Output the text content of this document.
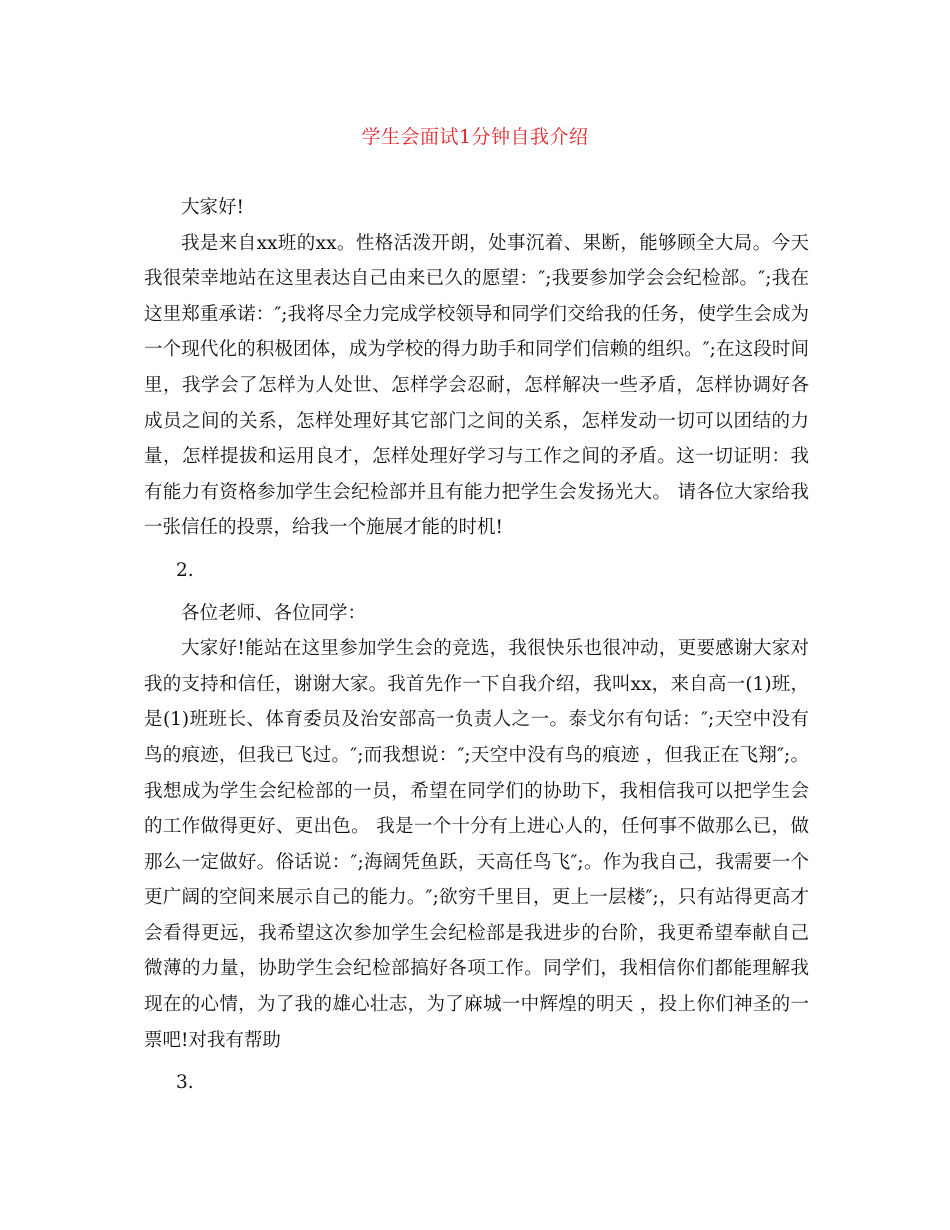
学生会面试1分钟自我介绍

大家好!

我是来自xx班的xx。性格活泼开朗，处事沉着、果断，能够顾全大局。今天我很荣幸地站在这里表达自己由来已久的愿望：″;我要参加学会会纪检部。″;我在这里郑重承诺：″;我将尽全力完成学校领导和同学们交给我的任务，使学生会成为一个现代化的积极团体，成为学校的得力助手和同学们信赖的组织。″;在这段时间里，我学会了怎样为人处世、怎样学会忍耐，怎样解决一些矛盾，怎样协调好各成员之间的关系，怎样处理好其它部门之间的关系，怎样发动一切可以团结的力量，怎样提拔和运用良才，怎样处理好学习与工作之间的矛盾。这一切证明：我有能力有资格参加学生会纪检部并且有能力把学生会发扬光大。 请各位大家给我一张信任的投票，给我一个施展才能的时机!

2.

各位老师、各位同学：

大家好!能站在这里参加学生会的竞选，我很快乐也很冲动，更要感谢大家对我的支持和信任，谢谢大家。我首先作一下自我介绍，我叫xx，来自高一(1)班，是(1)班班长、体育委员及治安部高一负责人之一。泰戈尔有句话：″;天空中没有鸟的痕迹，但我已飞过。″;而我想说：″;天空中没有鸟的痕迹 ，但我正在飞翔″;。我想成为学生会纪检部的一员，希望在同学们的协助下，我相信我可以把学生会的工作做得更好、更出色。 我是一个十分有上进心人的，任何事不做那么已，做那么一定做好。俗话说：″;海阔凭鱼跃，天高任鸟飞″;。作为我自己，我需要一个更广阔的空间来展示自己的能力。″;欲穷千里目，更上一层楼″;，只有站得更高才会看得更远，我希望这次参加学生会纪检部是我进步的台阶，我更希望奉献自己微薄的力量，协助学生会纪检部搞好各项工作。同学们，我相信你们都能理解我现在的心情，为了我的雄心壮志，为了麻城一中辉煌的明天 ，投上你们神圣的一票吧!对我有帮助

3.
